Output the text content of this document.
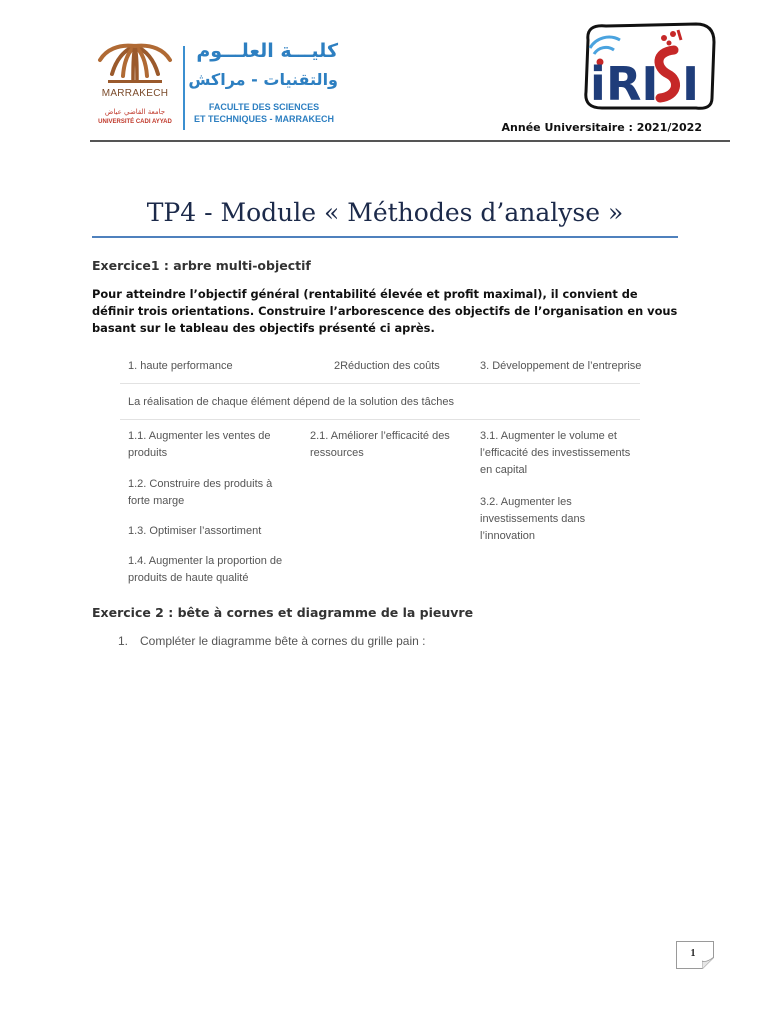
MARRAKECH
جامعة القاضي عياض
UNIVERSITÉ CADI AYYAD
كليـــة العلـــوم
والتقنيات - مراكش
FACULTE DES SCIENCES
ET TECHNIQUES - MARRAKECH
i RI I
Année Universitaire : 2021/2022
TP4 - Module « Méthodes d’analyse »
Exercice1 : arbre multi-objectif
Pour atteindre l’objectif général (rentabilité élevée et profit maximal), il convient de définir trois orientations. Construire l’arborescence des objectifs de l’organisation en vous basant sur le tableau des objectifs présenté ci après.
1. haute performance	2Réduction des coûts	3. Développement de l’entreprise
La réalisation de chaque élément dépend de la solution des tâches
1.1. Augmenter les ventes de produits
1.2. Construire des produits à forte marge
1.3. Optimiser l’assortiment
1.4. Augmenter la proportion de produits de haute qualité
2.1. Améliorer l’efficacité des ressources
3.1. Augmenter le volume et l’efficacité des investissements en capital
3.2. Augmenter les investissements dans l’innovation
Exercice 2 : bête à cornes et diagramme de la pieuvre
1. Compléter le diagramme bête à cornes du grille pain :
1
